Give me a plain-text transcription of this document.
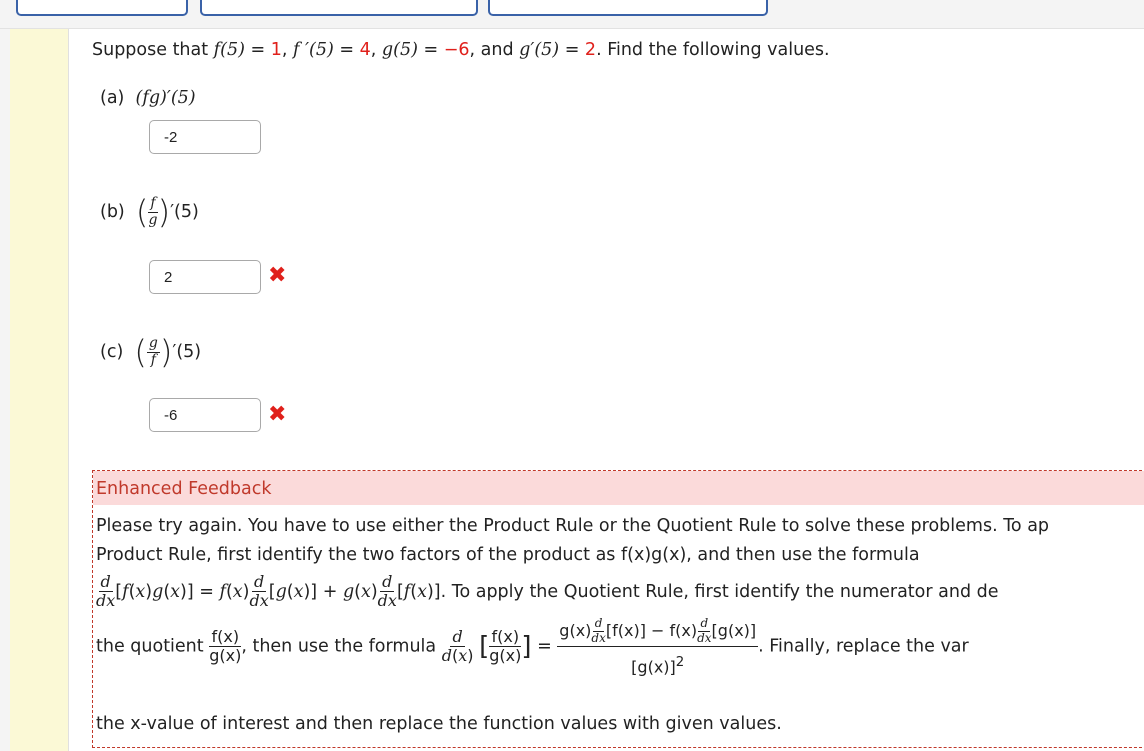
Suppose that f(5) = 1, f ′(5) = 4, g(5) = −6, and g′(5) = 2. Find the following values.
(a) (fg)′(5)
-2
(b) ( $\frac{f}{g} )'(5)$
2	✖
(c) ( $\frac{g}{f} )'(5)$
-6	✖
Enhanced Feedback
Please try again. You have to use either the Product Rule or the Quotient Rule to solve these problems. To ap
Product Rule, first identify the two factors of the product as f(x)g(x), and then use the formula
$\frac{d}{dx} [f(x)g(x)] = f(x) \frac{d}{dx} [g(x)] + g(x) \frac{d}{dx} [f(x)]$. To apply the Quotient Rule, first identify the numerator and de
the quotient $\frac{f(x)}{g(x)}$ , then use the formula $\frac{d}{d(x)}$ [ $\frac{f(x)}{g(x)}$ ] =
$g(x) \frac{d}{dx} [f(x)] - f(x) \frac{d}{dx} [g(x)]$
$[g(x)]^2$
. Finally, replace the var
the x-value of interest and then replace the function values with given values.
